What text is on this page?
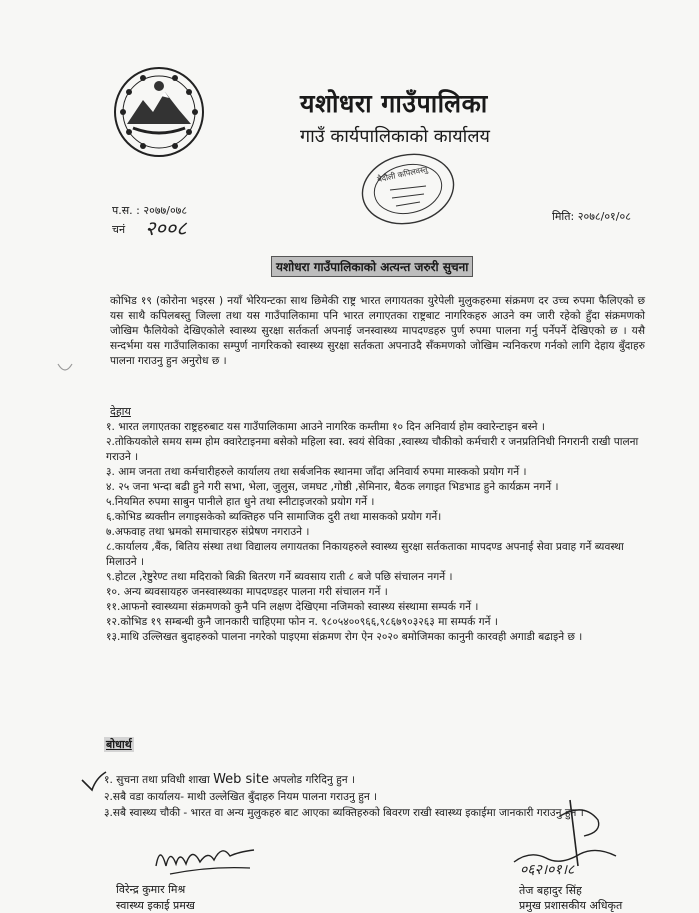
यशोधरा गाउँपालिका
गाउँ कार्यपालिकाको कार्यालय
बैदौली कपिलवस्तु
प.स. : २०७७/०७८
चनं २००८	मिति: २०७८/०१/०८
यशोधरा गाउँपालिकाको अत्यन्त जरुरी सुचना
कोभिड १९ (कोरोना भइरस ) नयाँ भेरियन्टका साथ छिमेकी राष्ट्र भारत लगायतका युरेपेली मुलुकहरुमा संक्रमण दर उच्च रुपमा फैलिएको छ यस साथै कपिलबस्तु जिल्ला तथा यस गाउँपालिकामा पनि भारत लगाएतका राष्ट्रबाट नागरिकहरु आउने क्म जारी रहेको हुँदा संक्रमणको जोखिम फैलियेको देखिएकोले स्वास्थ्य सुरक्षा सर्तकर्ता अपनाई जनस्वास्थ्य मापदण्डहरु पुर्ण रुपमा पालना गर्नु पर्नेपर्ने देखिएको छ । यसै सन्दर्भमा यस गाउँपालिकाका सम्पुर्ण नागरिकको स्वास्थ्य सुरक्षा सर्तकता अपनाउदै सँकमणको जोखिम न्यनिकरण गर्नको लागि देहाय बुँदाहरु पालना गराउनु हुन अनुरोध छ ।
देहाय
१. भारत लगाएतका राष्ट्रहरुबाट यस गाउँपालिकामा आउने नागरिक कम्तीमा १० दिन अनिवार्य होम क्वारेन्टाइन बस्ने ।
२.तोकियकोले समय सम्म होम क्वारेटाइनमा बसेको महिला स्वा. स्वयं सेविका ,स्वास्थ्य चौकीको कर्मचारी र जनप्रतिनिधी निगरानी राखी पालना गराउने ।
३. आम जनता तथा कर्मचारीहरुले कार्यालय तथा सर्बजनिक स्थानमा जाँदा अनिवार्य रुपमा मास्कको प्रयोग गर्ने ।
४. २५ जना भन्दा बढी हुने गरी सभा, भेला, जुलुस, जमघट ,गोष्ठी ,सेमिनार, बैठक लगाइत भिडभाड हुने कार्यक्रम नगर्ने ।
५.नियमित रुपमा साबुन पानीले हात धुने तथा स्नीटाइजरको प्रयोग गर्ने ।
६.कोभिड ब्यक्तीन लगाइसकेको ब्यक्तिहरु पनि सामाजिक दुरी तथा मासकको प्रयोग गर्ने।
७.अफवाह तथा भ्रमको समाचारहरु संप्रेषण नगराउने ।
८.कार्यालय ,बैंक, बितिय संस्था तथा विद्यालय लगायतका निकायहरुले स्वास्थ्य सुरक्षा सर्तकताका मापदण्ड अपनाई सेवा प्रवाह गर्ने ब्यवस्था मिलाउने ।
९.होटल ,रेष्टुरेण्ट तथा मदिराको बिक्री बितरण गर्ने ब्यवसाय राती ८ बजे पछि संचालन नगर्ने ।
१०. अन्य ब्यवसायहरु जनस्वास्थ्यका मापदण्डहर पालना गरी संचालन गर्ने ।
११.आफनो स्वास्थ्यमा संक्रमणको कुनै पनि लक्षण देखिएमा नजिमको स्वास्थ्य संस्थामा सम्पर्क गर्ने ।
१२.कोभिड १९ सम्बन्धी कुनै जानकारी चाहिएमा फोन न. ९८०५४००९६६,९८६७९०३२६३ मा सम्पर्क गर्ने ।
१३.माथि उल्लिखत बुदाहरुको पालना नगरेको पाइएमा संक्रमण रोग ऐन २०२० बमोजिमका कानुनी कारवही अगाडी बढाइने छ ।
बोधार्थ
१. सुचना तथा प्रविधी शाखा Web site अपलोड गरिदिनु हुन ।
२.सबै वडा कार्यालय- माथी उल्लेखित बुँदाहरु नियम पालना गराउनु हुन ।
३.सबै स्वास्थ्य चौकी - भारत वा अन्य मुलुकहरु बाट आएका ब्यक्तिहरुको बिवरण राखी स्वास्थ्य इकाईमा जानकारी गराउनु हुन ।
विरेन्द्र कुमार मिश्र
स्वास्थ्य इकाई प्रमख
०६२।०१।८
तेज बहादुर सिंह
प्रमुख प्रशासकीय अधिकृत
